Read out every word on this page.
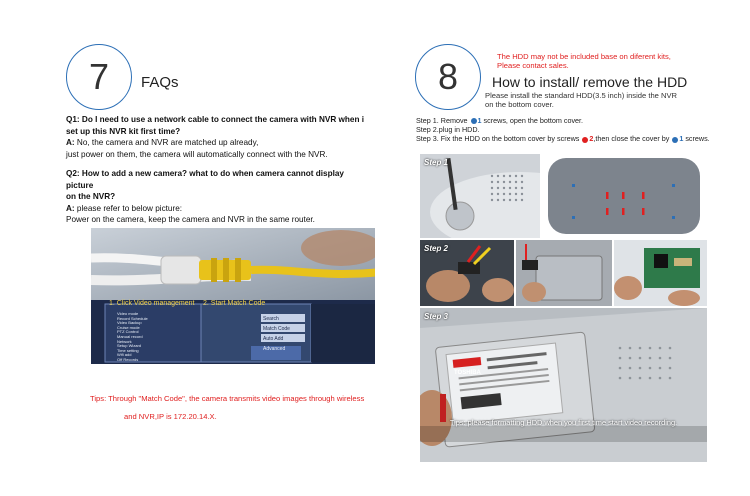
7 FAQs
Q1: Do I need to use a network cable to connect the camera with NVR when i
set up this NVR kit first time?
A: No, the camera and NVR are matched up already,
just power on them, the camera will automatically connect with the NVR.
Q2: How to add a new camera? what to do when camera cannot display picture
on the NVR?
A: please refer to below picture:
Power on the camera, keep the camera and NVR in the same router.
1. Click Video management 2. Start Match Code
Video mode
Record Schedule
Video Backup
Cruise mode
PTZ Control
Manual record
Network
Setup Wizard
Time setting
Wifi add
Off Records
Search
Match Code
Auto Add
Advanced
Tips: Through "Match Code", the camera transmits video images through wireless
and NVR,IP is 172.20.14.X.
8	The HDD may not be included base on diferent kits,
Please contact sales.
How to install/ remove the HDD
Please install the standard HDD(3.5 inch) inside the NVR
on the bottom cover.
Step 1. Remove 1 screws, open the bottom cover.
Step 2.plug in HDD.
Step 3. Fix the HDD on the bottom cover by screws 2,then close the cover by 1 screws.
Step 1
Step 2
TOSHIBA
Step 3
Tips: please formatting HDD when you first time start video recording.
